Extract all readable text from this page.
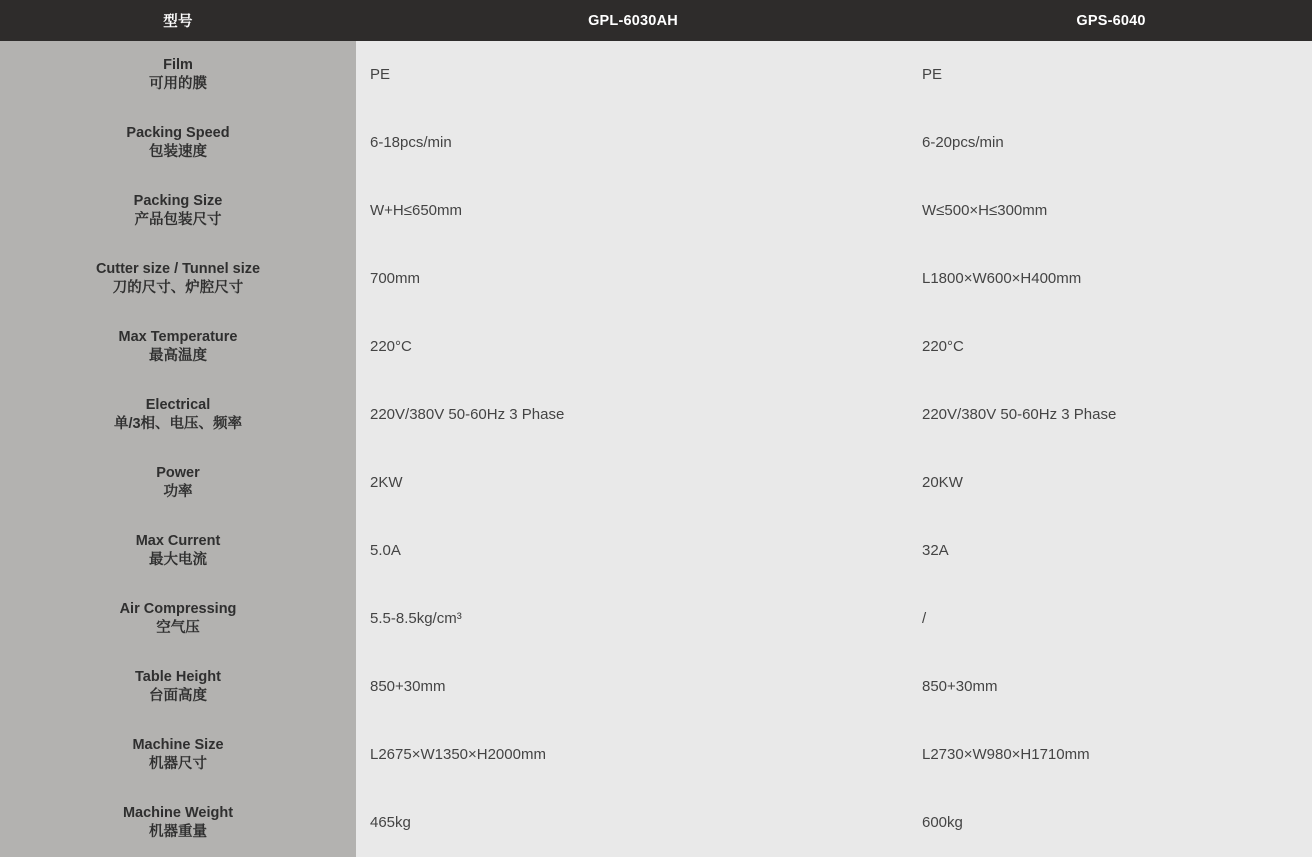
型号	GPL-6030AH	GPS-6040

Film
可用的膜	PE	PE

Packing Speed
包装速度	6-18pcs/min	6-20pcs/min

Packing Size
产品包装尺寸	W+H≤650mm	W≤500×H≤300mm

Cutter size / Tunnel size
刀的尺寸、炉腔尺寸	700mm	L1800×W600×H400mm

Max Temperature
最高温度	220°C	220°C

Electrical
单/3相、电压、频率	220V/380V 50-60Hz 3 Phase	220V/380V 50-60Hz 3 Phase

Power
功率	2KW	20KW

Max Current
最大电流	5.0A	32A

Air Compressing
空气压	5.5-8.5kg/cm³	/

Table Height
台面高度	850+30mm	850+30mm

Machine Size
机器尺寸	L2675×W1350×H2000mm	L2730×W980×H1710mm

Machine Weight
机器重量	465kg	600kg
